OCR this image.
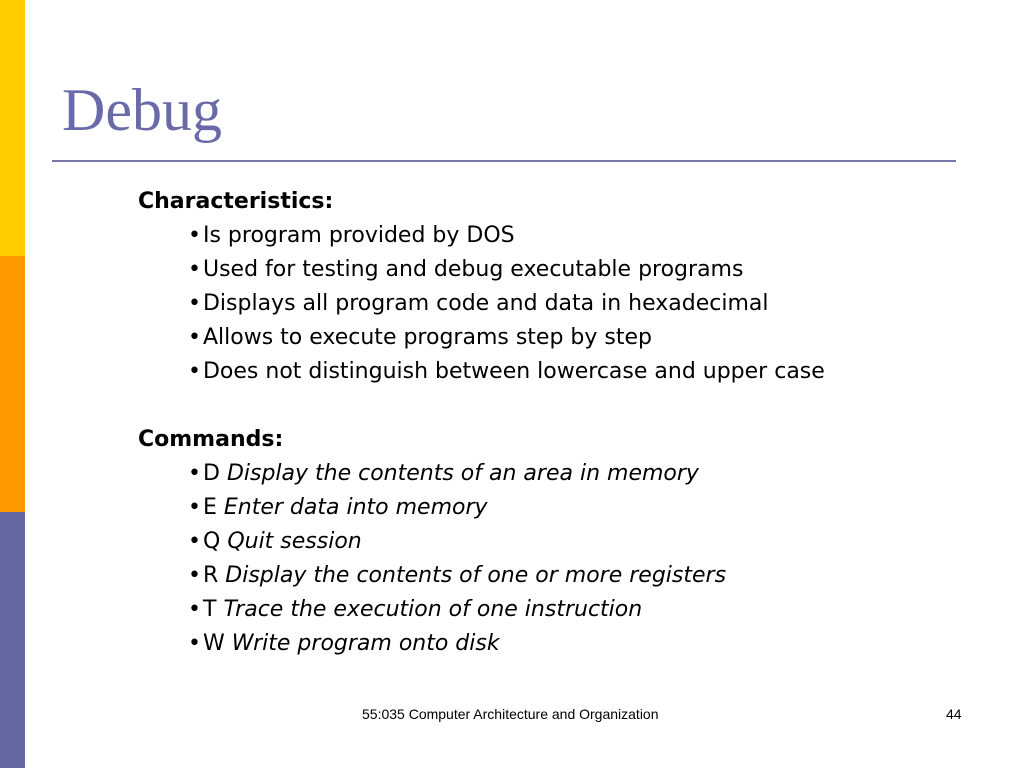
Debug
Characteristics:
•Is program provided by DOS
•Used for testing and debug executable programs
•Displays all program code and data in hexadecimal
•Allows to execute programs step by step
•Does not distinguish between lowercase and upper case
Commands:
•D Display the contents of an area in memory
•E Enter data into memory
•Q Quit session
•R Display the contents of one or more registers
•T Trace the execution of one instruction
•W Write program onto disk
55:035 Computer Architecture and Organization	44
